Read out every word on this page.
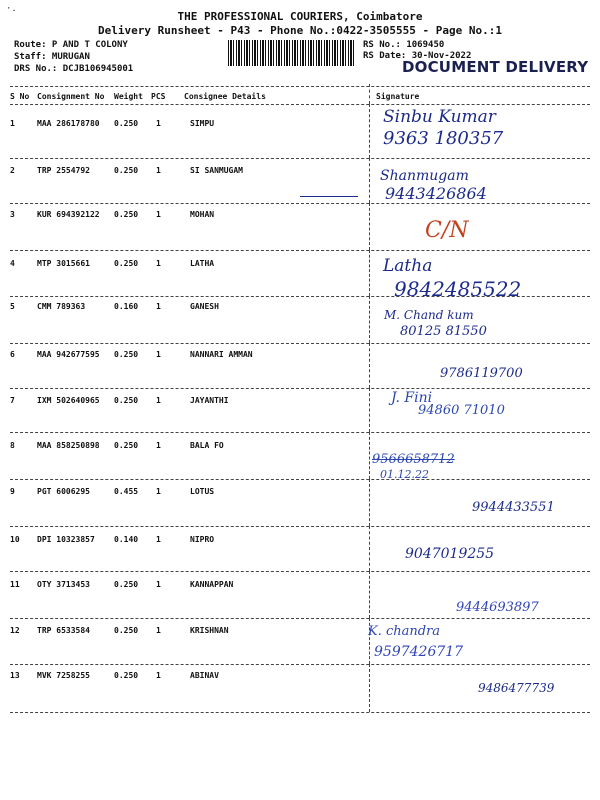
THE PROFESSIONAL COURIERS, Coimbatore
Delivery Runsheet - P43 - Phone No.:0422-3505555 - Page No.:1
Route: P AND T COLONY
Staff: MURUGAN
DRS No.: DCJB106945001
RS No.: 1069450
RS Date: 30-Nov-2022
DOCUMENT DELIVERY
S No Consignment No Weight PCS Consignee Details	Signature
1	MAA 286178780 0.250 1	SIMPU	Sinbu Kumar
9363 180357
2	TRP 2554792	0.250 1	SI SANMUGAM	Shanmugam
9443426864
3	KUR 694392122 0.250 1	MOHAN
C/N
4	MTP 3015661	0.250 1	LATHA	Latha
9842485522
5	CMM 789363	0.160 1	GANESH
M. Chand kum
80125 81550
6	MAA 942677595 0.250 1	NANNARI AMMAN
9786119700
7	IXM 502640965 0.250 1	JAYANTHI	J. Fini
94860 71010
8	MAA 858250898 0.250 1	BALA FO
9566658712
01.12.22
9	PGT 6006295	0.455 1	LOTUS
9944433551
10 DPI 10323857 0.140 1	NIPRO
9047019255
11 OTY 3713453	0.250 1	KANNAPPAN
9444693897
12 TRP 6533584	0.250 1	KRISHNAN	K. chandra
9597426717
13 MVK 7258255	0.250 1	ABINAV
9486477739
·.
